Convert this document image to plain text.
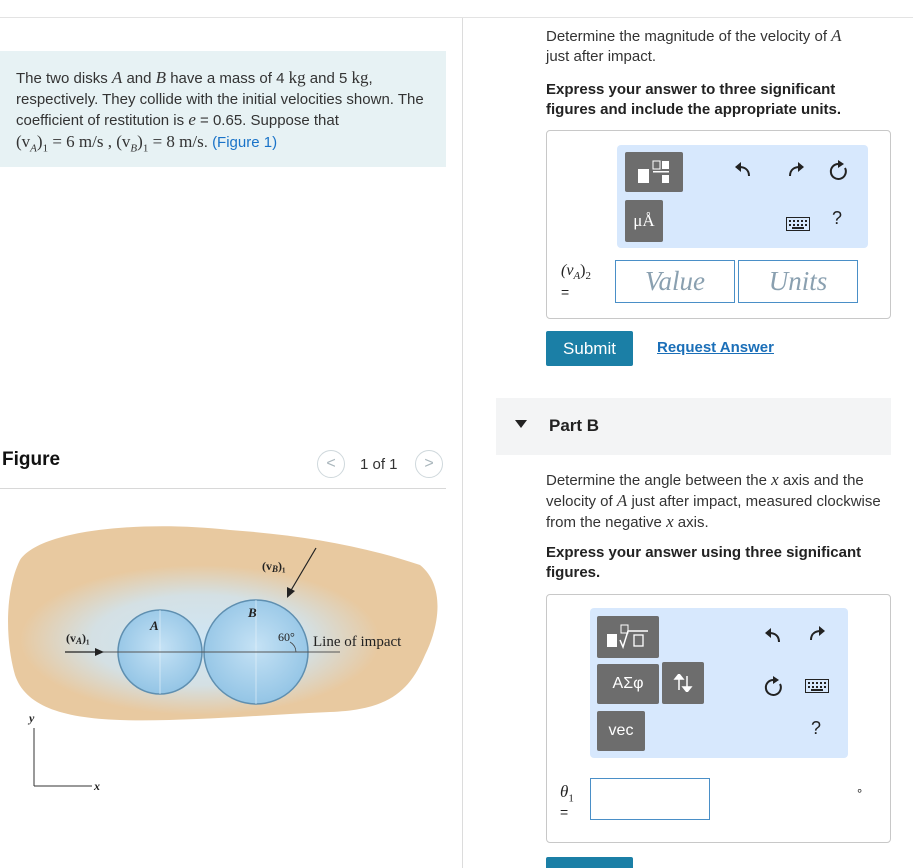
The two disks A and B have a mass of 4 kg and 5 kg, respectively. They collide with the initial velocities shown. The coefficient of restitution is e = 0.65. Suppose that
$(v_A)_1 = 6$ m/s , $(v_B)_1 = 8$ m/s. (Figure 1)
Figure	< 1 of 1 >
(vB)₁
(vA)₁
A
B
60° Line of impact
y
x
Determine the magnitude of the velocity of A
just after impact.
Express your answer to three significant figures and include the appropriate units.
μÅ	?
$(v_A)_2$
=	Value	Units
Submit	Request Answer
Part B
Determine the angle between the x axis and the velocity of A just after impact, measured clockwise from the negative x axis.
Express your answer using three significant figures.
ΑΣφ
vec	?
$\theta_1$
=
°
